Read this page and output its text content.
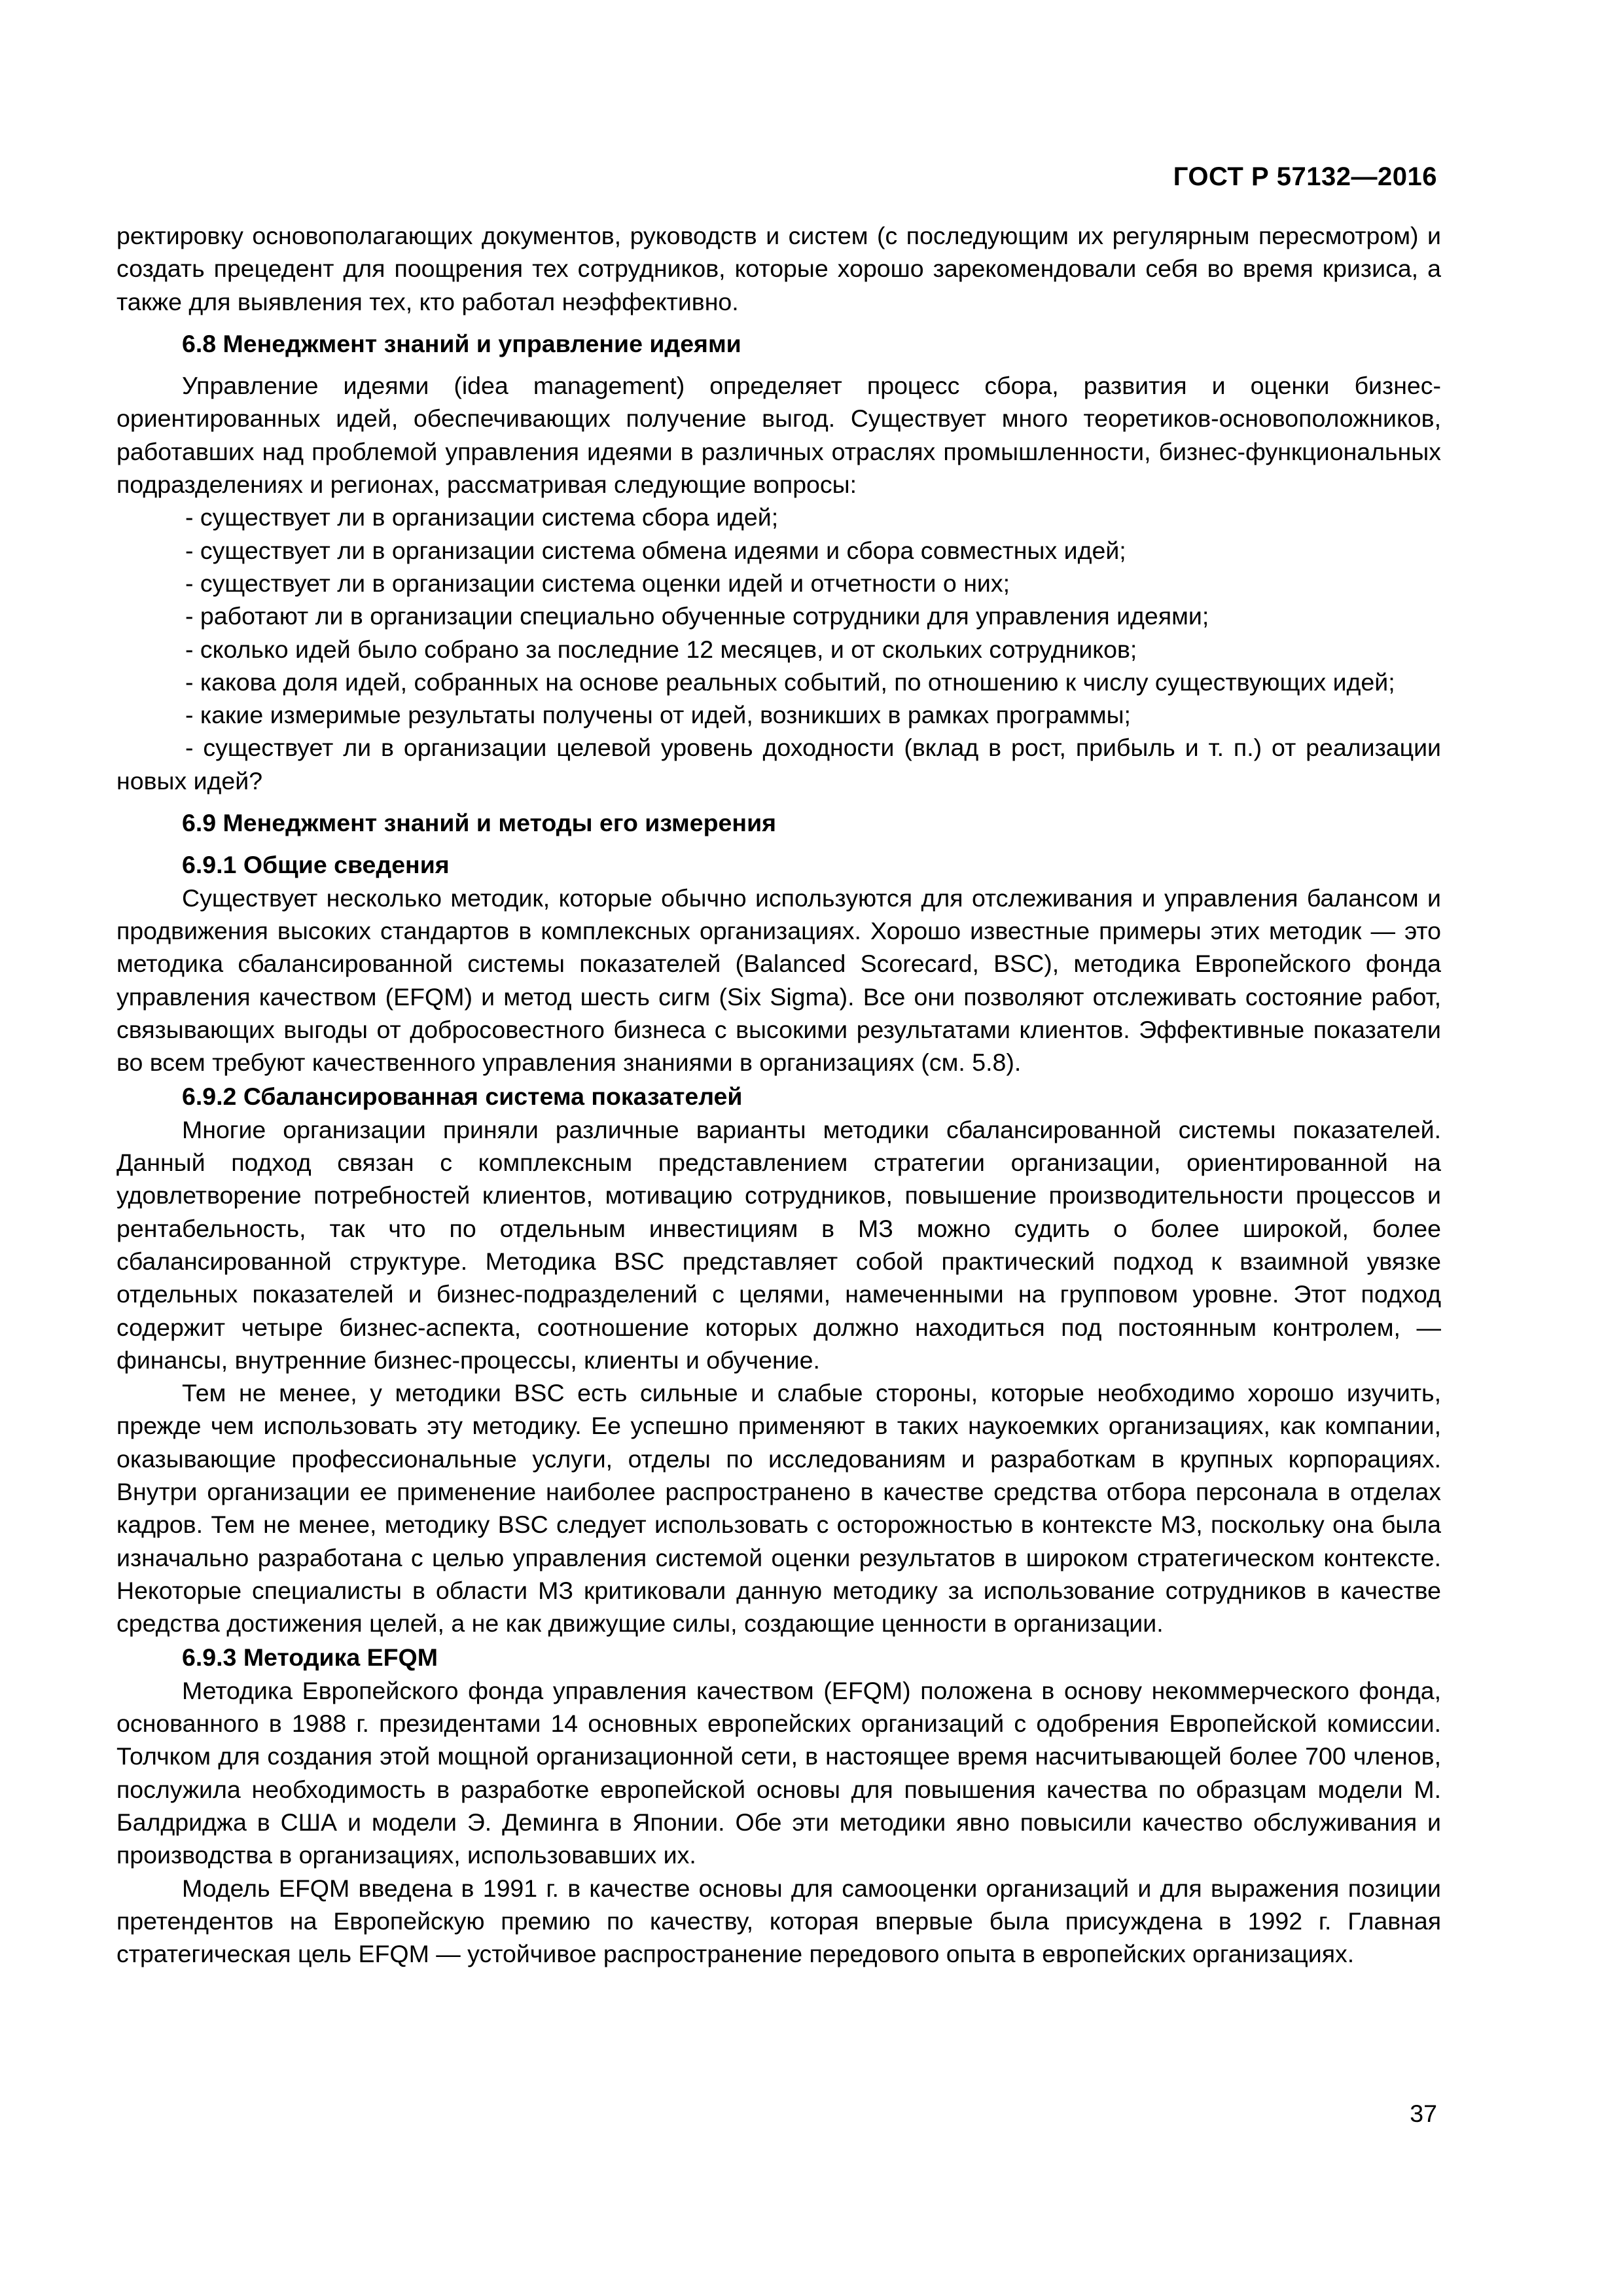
ГОСТ Р 57132—2016

ректировку основополагающих документов, руководств и систем (с последующим их регулярным пересмотром) и создать прецедент для поощрения тех сотрудников, которые хорошо зарекомендовали себя во время кризиса, а также для выявления тех, кто работал неэффективно.

6.8 Менеджмент знаний и управление идеями

Управление идеями (idea management) определяет процесс сбора, развития и оценки бизнес-ориентированных идей, обеспечивающих получение выгод. Существует много теоретиков-основоположников, работавших над проблемой управления идеями в различных отраслях промышленности, бизнес-функциональных подразделениях и регионах, рассматривая следующие вопросы:

- существует ли в организации система сбора идей;

- существует ли в организации система обмена идеями и сбора совместных идей;

- существует ли в организации система оценки идей и отчетности о них;

- работают ли в организации специально обученные сотрудники для управления идеями;

- сколько идей было собрано за последние 12 месяцев, и от скольких сотрудников;

- какова доля идей, собранных на основе реальных событий, по отношению к числу существующих идей;

- какие измеримые результаты получены от идей, возникших в рамках программы;

- существует ли в организации целевой уровень доходности (вклад в рост, прибыль и т. п.) от реализации новых идей?

6.9 Менеджмент знаний и методы его измерения
6.9.1 Общие сведения

Существует несколько методик, которые обычно используются для отслеживания и управления балансом и продвижения высоких стандартов в комплексных организациях. Хорошо известные примеры этих методик — это методика сбалансированной системы показателей (Balanced Scorecard, BSC), методика Европейского фонда управления качеством (EFQM) и метод шесть сигм (Six Sigma). Все они позволяют отслеживать состояние работ, связывающих выгоды от добросовестного бизнеса с высокими результатами клиентов. Эффективные показатели во всем требуют качественного управления знаниями в организациях (см. 5.8).

6.9.2 Сбалансированная система показателей

Многие организации приняли различные варианты методики сбалансированной системы показателей. Данный подход связан с комплексным представлением стратегии организации, ориентированной на удовлетворение потребностей клиентов, мотивацию сотрудников, повышение производительности процессов и рентабельность, так что по отдельным инвестициям в МЗ можно судить о более широкой, более сбалансированной структуре. Методика BSC представляет собой практический подход к взаимной увязке отдельных показателей и бизнес-подразделений с целями, намеченными на групповом уровне. Этот подход содержит четыре бизнес-аспекта, соотношение которых должно находиться под постоянным контролем, — финансы, внутренние бизнес-процессы, клиенты и обучение.

Тем не менее, у методики BSC есть сильные и слабые стороны, которые необходимо хорошо изучить, прежде чем использовать эту методику. Ее успешно применяют в таких наукоемких организациях, как компании, оказывающие профессиональные услуги, отделы по исследованиям и разработкам в крупных корпорациях. Внутри организации ее применение наиболее распространено в качестве средства отбора персонала в отделах кадров. Тем не менее, методику BSC следует использовать с осторожностью в контексте МЗ, поскольку она была изначально разработана с целью управления системой оценки результатов в широком стратегическом контексте. Некоторые специалисты в области МЗ критиковали данную методику за использование сотрудников в качестве средства достижения целей, а не как движущие силы, создающие ценности в организации.

6.9.3 Методика EFQM

Методика Европейского фонда управления качеством (EFQM) положена в основу некоммерческого фонда, основанного в 1988 г. президентами 14 основных европейских организаций с одобрения Европейской комиссии. Толчком для создания этой мощной организационной сети, в настоящее время насчитывающей более 700 членов, послужила необходимость в разработке европейской основы для повышения качества по образцам модели М. Балдриджа в США и модели Э. Деминга в Японии. Обе эти методики явно повысили качество обслуживания и производства в организациях, использовавших их.

Модель EFQM введена в 1991 г. в качестве основы для самооценки организаций и для выражения позиции претендентов на Европейскую премию по качеству, которая впервые была присуждена в 1992 г. Главная стратегическая цель EFQM — устойчивое распространение передового опыта в европейских организациях.

37
